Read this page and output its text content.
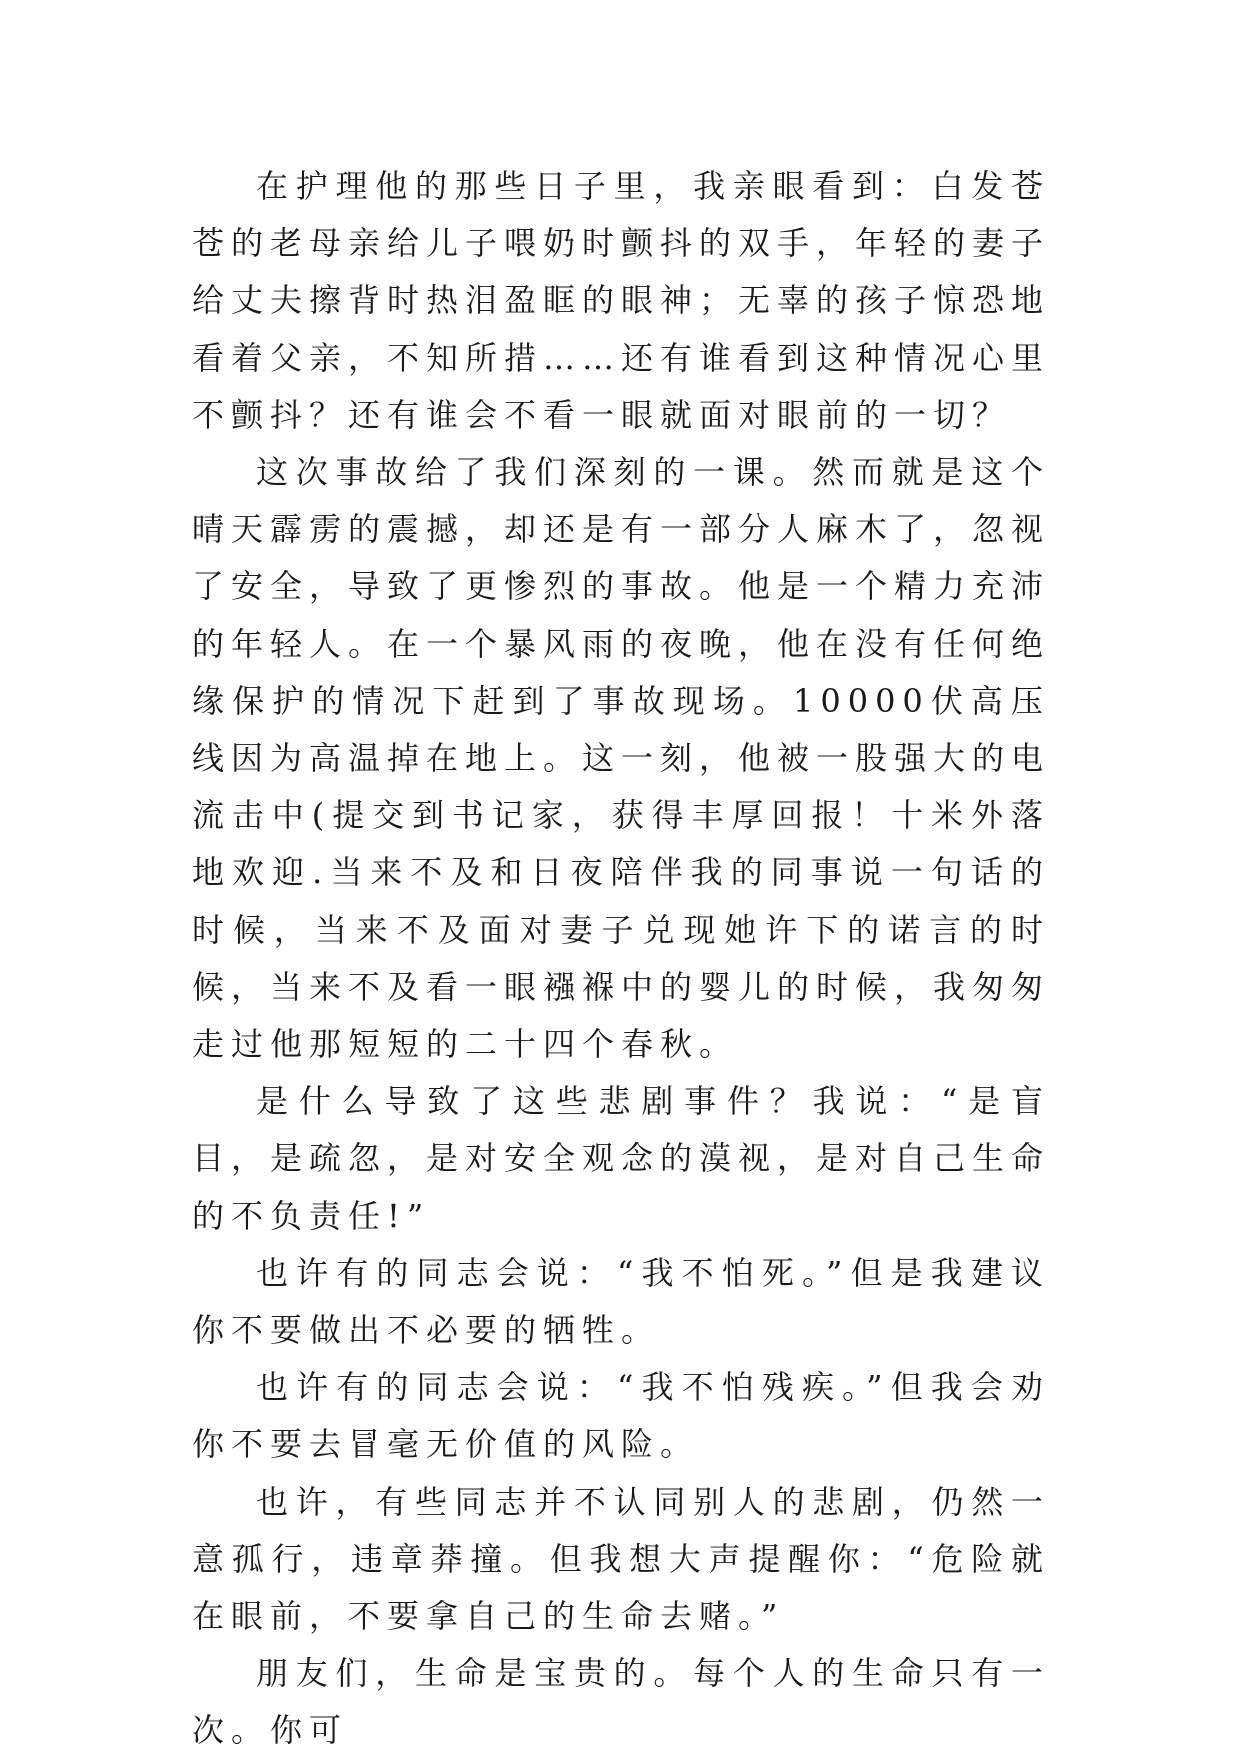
在护理他的那些日子里，我亲眼看到：白发苍苍的老母亲给儿子喂奶时颤抖的双手，年轻的妻子给丈夫擦背时热泪盈眶的眼神；无辜的孩子惊恐地看着父亲，不知所措……还有谁看到这种情况心里不颤抖？还有谁会不看一眼就面对眼前的一切？

这次事故给了我们深刻的一课。然而就是这个晴天霹雳的震撼，却还是有一部分人麻木了，忽视了安全，导致了更惨烈的事故。他是一个精力充沛的年轻人。在一个暴风雨的夜晚，他在没有任何绝缘保护的情况下赶到了事故现场。10000伏高压线因为高温掉在地上。这一刻，他被一股强大的电流击中(提交到书记家，获得丰厚回报！十米外落地欢迎.当来不及和日夜陪伴我的同事说一句话的时候，当来不及面对妻子兑现她许下的诺言的时候，当来不及看一眼襁褓中的婴儿的时候，我匆匆走过他那短短的二十四个春秋。

是什么导致了这些悲剧事件？我说：“是盲目，是疏忽，是对安全观念的漠视，是对自己生命的不负责任!”

也许有的同志会说：“我不怕死。”但是我建议你不要做出不必要的牺牲。

也许有的同志会说：“我不怕残疾。”但我会劝你不要去冒毫无价值的风险。

也许，有些同志并不认同别人的悲剧，仍然一意孤行，违章莽撞。但我想大声提醒你：“危险就在眼前，不要拿自己的生命去赌。”

朋友们，生命是宝贵的。每个人的生命只有一次。你可
